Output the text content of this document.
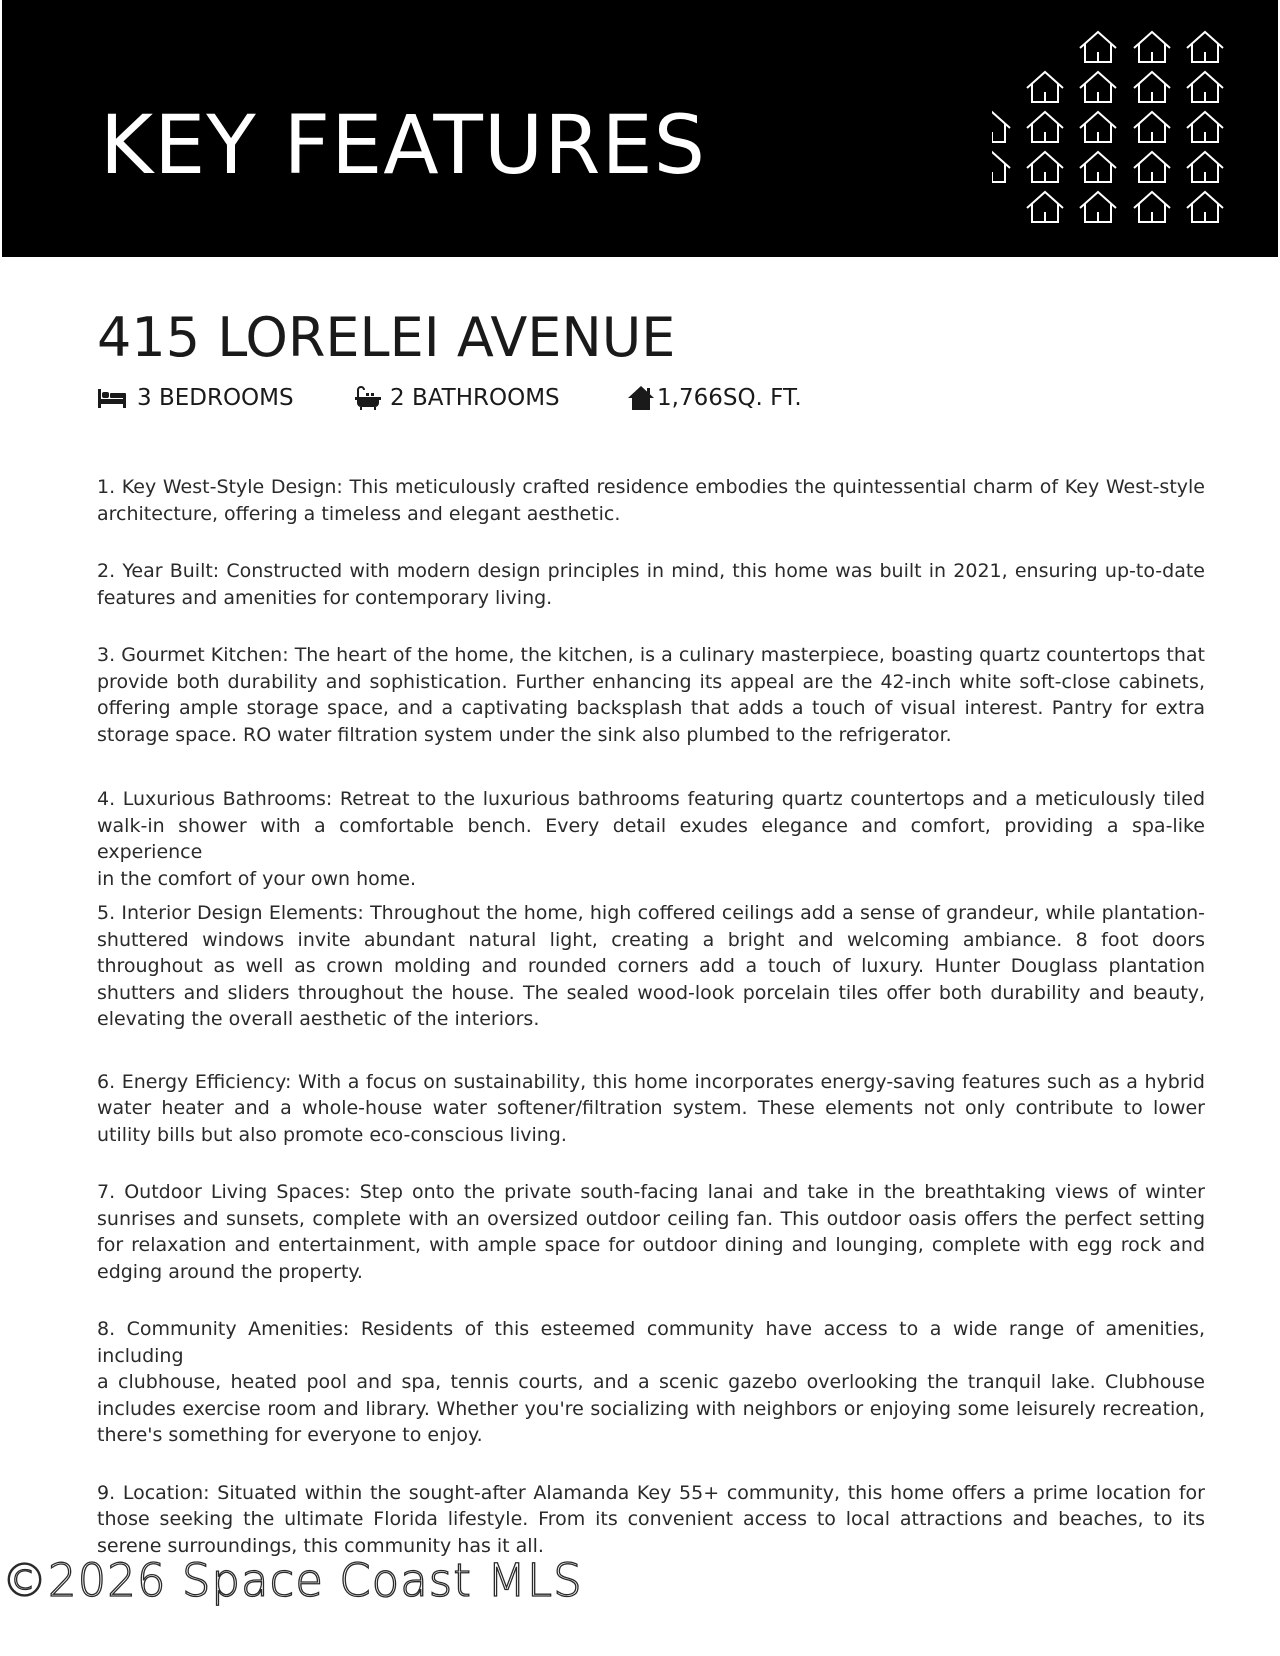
KEY FEATURES
415 LORELEI AVENUE
3 BEDROOMS	2 BATHROOMS	1,766SQ. FT.

1. Key West-Style Design: This meticulously crafted residence embodies the quintessential charm of Key West-style architecture, offering a timeless and elegant aesthetic.

2. Year Built: Constructed with modern design principles in mind, this home was built in 2021, ensuring up-to-date features and amenities for contemporary living.

3. Gourmet Kitchen: The heart of the home, the kitchen, is a culinary masterpiece, boasting quartz countertops that provide both durability and sophistication. Further enhancing its appeal are the 42-inch white soft-close cabinets, offering ample storage space, and a captivating backsplash that adds a touch of visual interest. Pantry for extra storage space. RO water filtration system under the sink also plumbed to the refrigerator.

4. Luxurious Bathrooms: Retreat to the luxurious bathrooms featuring quartz countertops and a meticulously tiled walk-in shower with a comfortable bench. Every detail exudes elegance and comfort, providing a spa-like experience
in the comfort of your own home.

5. Interior Design Elements: Throughout the home, high coffered ceilings add a sense of grandeur, while plantation-shuttered windows invite abundant natural light, creating a bright and welcoming ambiance. 8 foot doors throughout as well as crown molding and rounded corners add a touch of luxury. Hunter Douglass plantation shutters and sliders throughout the house. The sealed wood-look porcelain tiles offer both durability and beauty, elevating the overall aesthetic of the interiors.

6. Energy Efficiency: With a focus on sustainability, this home incorporates energy-saving features such as a hybrid water heater and a whole-house water softener/filtration system. These elements not only contribute to lower utility bills but also promote eco-conscious living.

7. Outdoor Living Spaces: Step onto the private south-facing lanai and take in the breathtaking views of winter sunrises and sunsets, complete with an oversized outdoor ceiling fan. This outdoor oasis offers the perfect setting for relaxation and entertainment, with ample space for outdoor dining and lounging, complete with egg rock and edging around the property.

8. Community Amenities: Residents of this esteemed community have access to a wide range of amenities, including
a clubhouse, heated pool and spa, tennis courts, and a scenic gazebo overlooking the tranquil lake. Clubhouse includes exercise room and library. Whether you're socializing with neighbors or enjoying some leisurely recreation, there's something for everyone to enjoy.

9. Location: Situated within the sought-after Alamanda Key 55+ community, this home offers a prime location for those seeking the ultimate Florida lifestyle. From its convenient access to local attractions and beaches, to its serene surroundings, this community has it all.

©2026 Space Coast MLS
